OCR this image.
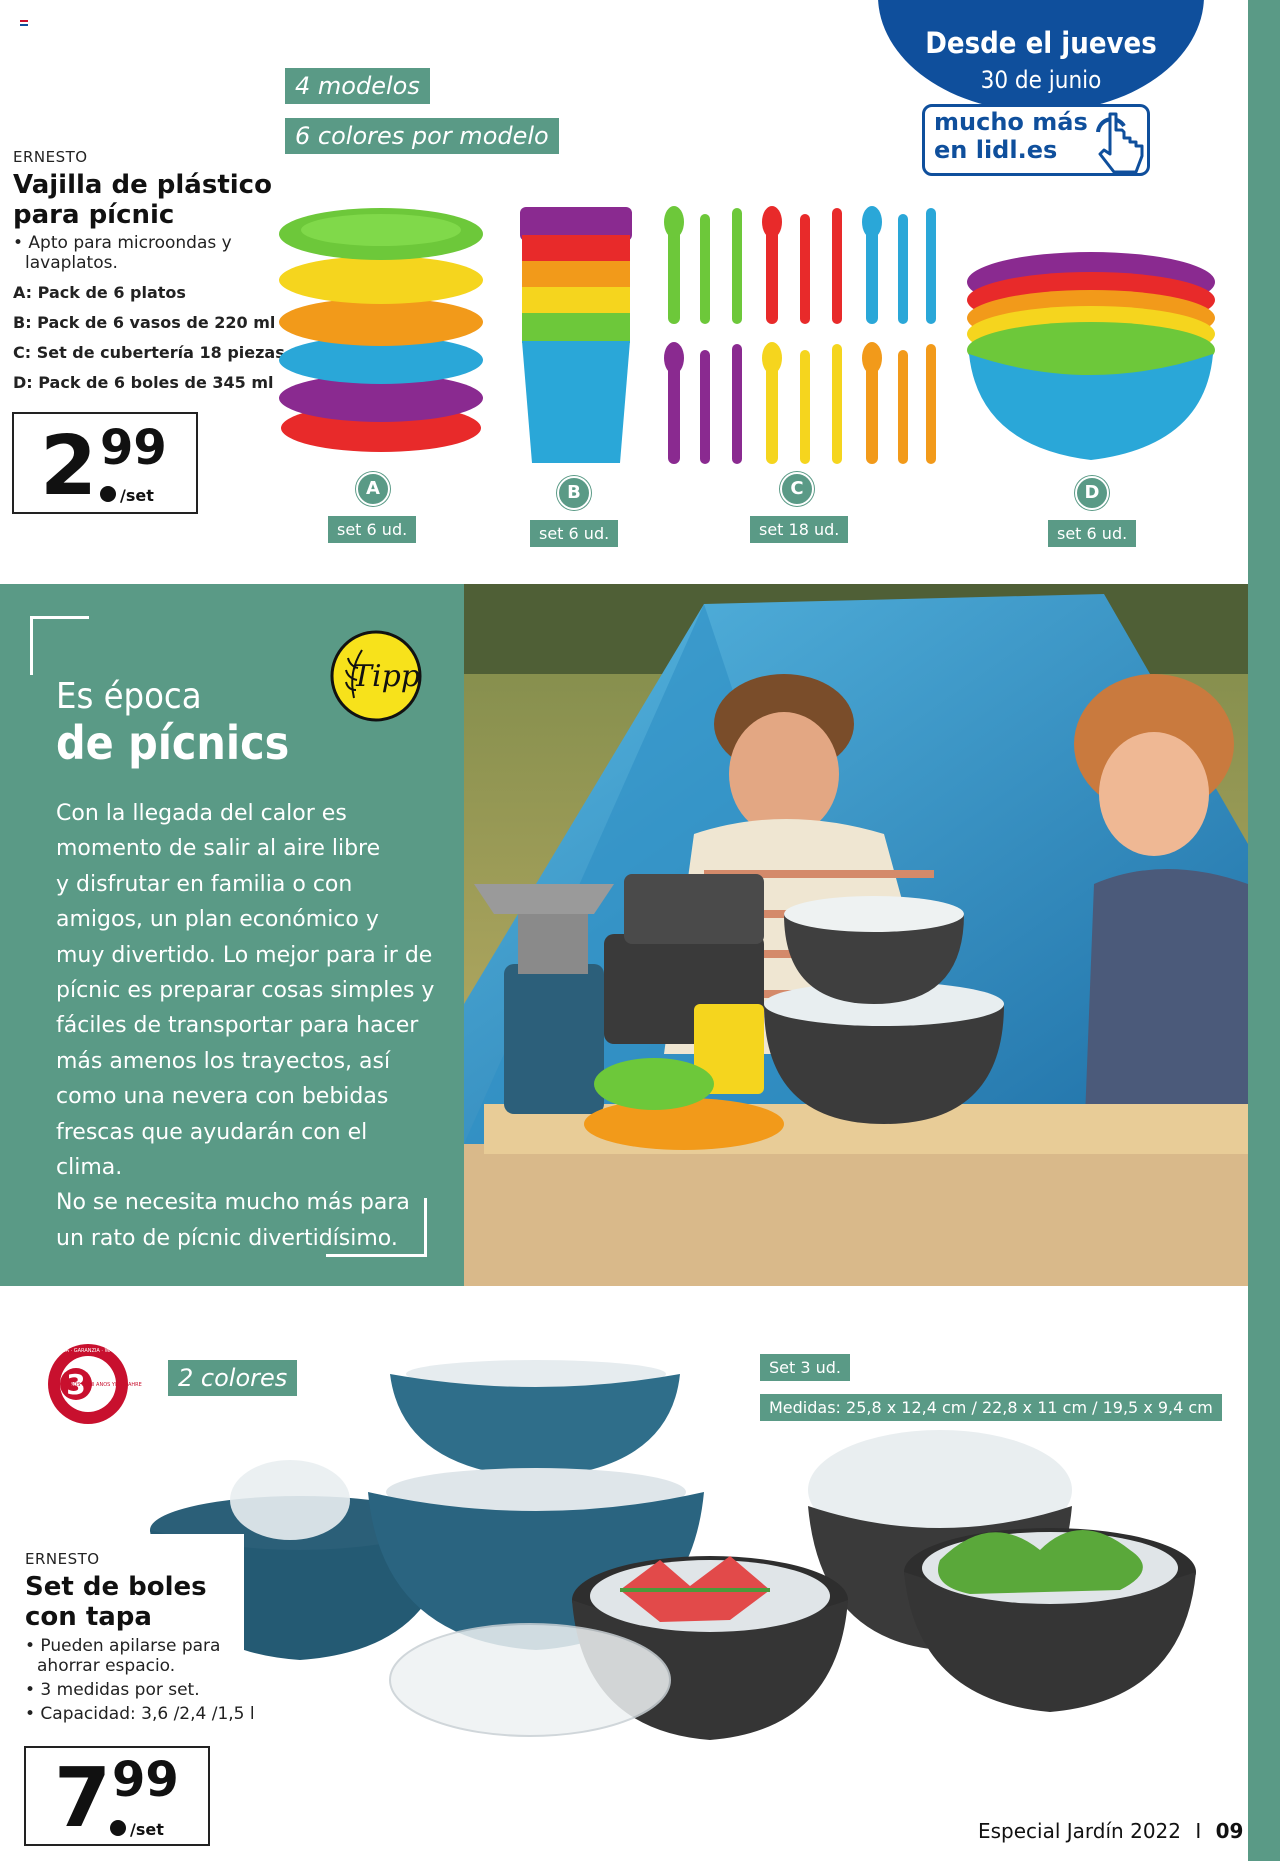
Desde el jueves
30 de junio
mucho más
en lidl.es
4 modelos
6 colores por modelo
ERNESTO
Vajilla de plástico
para pícnic
• Apto para microondas y
lavaplatos.
A: Pack de 6 platos
B: Pack de 6 vasos de 220 ml
C: Set de cubertería 18 piezas
D: Pack de 6 boles de 345 ml
2 99
/set	A
set 6 ud.
B
set 6 ud.
C
set 18 ud.
D
set 6 ud.
Es época
de pícnics
Tipp
Con la llegada del calor es
momento de salir al aire libre
y disfrutar en familia o con
amigos, un plan económico y
muy divertido. Lo mejor para ir de
pícnic es preparar cosas simples y
fáciles de transportar para hacer
más amenos los trayectos, así
como una nevera con bebidas
frescas que ayudarán con el clima.
No se necesita mucho más para
un rato de pícnic divertidísimo.
3
AÑOS ANNI ANOS YEAR JAHRE
GARANTÍA · GARANZIA · WARRANTY
2 colores	Set 3 ud.
Medidas: 25,8 x 12,4 cm / 22,8 x 11 cm / 19,5 x 9,4 cm
ERNESTO
Set de boles
con tapa
• Pueden apilarse para
ahorrar espacio.
• 3 medidas por set.
• Capacidad: 3,6 /2,4 /1,5 l
7 99
/set	Especial Jardín 2022 I 09
